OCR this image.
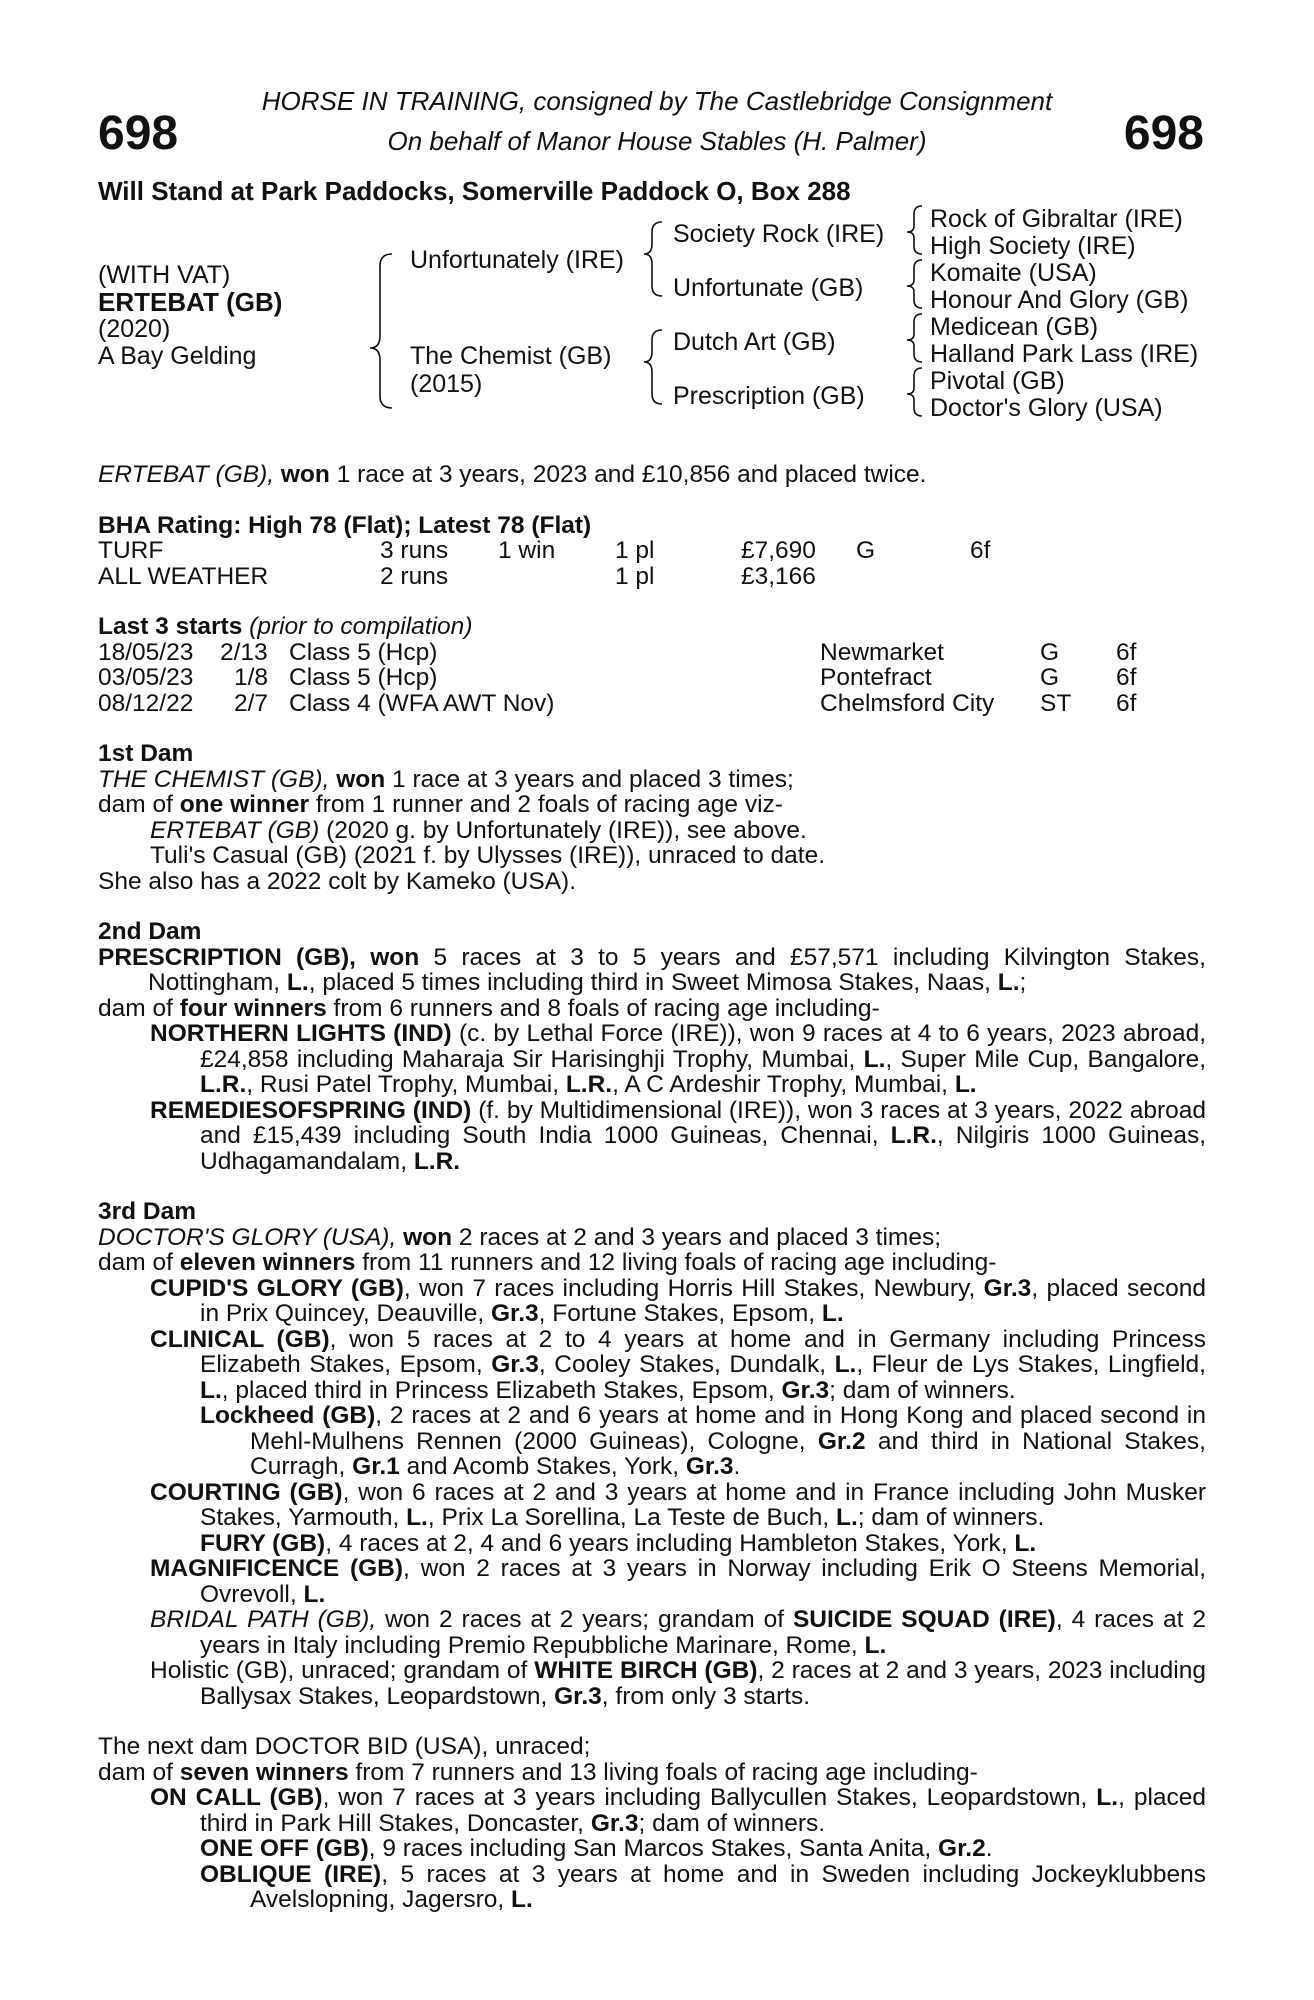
698	698
HORSE IN TRAINING, consigned by The Castlebridge Consignment
On behalf of Manor House Stables (H. Palmer)
Will Stand at Park Paddocks, Somerville Paddock O, Box 288
(WITH VAT)
ERTEBAT (GB)
(2020)
A Bay Gelding
Unfortunately (IRE)
The Chemist (GB)
(2015)
Society Rock (IRE)
Unfortunate (GB)
Dutch Art (GB)
Prescription (GB)
Rock of Gibraltar (IRE)
High Society (IRE)
Komaite (USA)
Honour And Glory (GB)
Medicean (GB)
Halland Park Lass (IRE)
Pivotal (GB)
Doctor's Glory (USA)

ERTEBAT (GB), won 1 race at 3 years, 2023 and £10,856 and placed twice.

BHA Rating: High 78 (Flat); Latest 78 (Flat)

TURF	3 runs 1 win 1 pl	£7,690 G	6f
ALL WEATHER	2 runs	1 pl	£3,166

Last 3 starts (prior to compilation)

18/05/23 2/13 Class 5 (Hcp)	Newmarket	G 6f
03/05/23 1/8 Class 5 (Hcp)	Pontefract	G 6f
08/12/22 2/7 Class 4 (WFA AWT Nov)	Chelmsford City ST 6f

1st Dam

THE CHEMIST (GB), won 1 race at 3 years and placed 3 times;

dam of one winner from 1 runner and 2 foals of racing age viz-

ERTEBAT (GB) (2020 g. by Unfortunately (IRE)), see above.

Tuli's Casual (GB) (2021 f. by Ulysses (IRE)), unraced to date.

She also has a 2022 colt by Kameko (USA).

2nd Dam

PRESCRIPTION (GB), won 5 races at 3 to 5 years and £57,571 including Kilvington Stakes, Nottingham, L., placed 5 times including third in Sweet Mimosa Stakes, Naas, L.;

dam of four winners from 6 runners and 8 foals of racing age including-

NORTHERN LIGHTS (IND) (c. by Lethal Force (IRE)), won 9 races at 4 to 6 years, 2023 abroad, £24,858 including Maharaja Sir Harisinghji Trophy, Mumbai, L., Super Mile Cup, Bangalore, L.R., Rusi Patel Trophy, Mumbai, L.R., A C Ardeshir Trophy, Mumbai, L.

REMEDIESOFSPRING (IND) (f. by Multidimensional (IRE)), won 3 races at 3 years, 2022 abroad and £15,439 including South India 1000 Guineas, Chennai, L.R., Nilgiris 1000 Guineas, Udhagamandalam, L.R.

3rd Dam

DOCTOR'S GLORY (USA), won 2 races at 2 and 3 years and placed 3 times;

dam of eleven winners from 11 runners and 12 living foals of racing age including-

CUPID'S GLORY (GB), won 7 races including Horris Hill Stakes, Newbury, Gr.3, placed second in Prix Quincey, Deauville, Gr.3, Fortune Stakes, Epsom, L.

CLINICAL (GB), won 5 races at 2 to 4 years at home and in Germany including Princess Elizabeth Stakes, Epsom, Gr.3, Cooley Stakes, Dundalk, L., Fleur de Lys Stakes, Lingfield, L., placed third in Princess Elizabeth Stakes, Epsom, Gr.3; dam of winners.

Lockheed (GB), 2 races at 2 and 6 years at home and in Hong Kong and placed second in Mehl-Mulhens Rennen (2000 Guineas), Cologne, Gr.2 and third in National Stakes, Curragh, Gr.1 and Acomb Stakes, York, Gr.3.

COURTING (GB), won 6 races at 2 and 3 years at home and in France including John Musker Stakes, Yarmouth, L., Prix La Sorellina, La Teste de Buch, L.; dam of winners.

FURY (GB), 4 races at 2, 4 and 6 years including Hambleton Stakes, York, L.

MAGNIFICENCE (GB), won 2 races at 3 years in Norway including Erik O Steens Memorial, Ovrevoll, L.

BRIDAL PATH (GB), won 2 races at 2 years; grandam of SUICIDE SQUAD (IRE), 4 races at 2 years in Italy including Premio Repubbliche Marinare, Rome, L.

Holistic (GB), unraced; grandam of WHITE BIRCH (GB), 2 races at 2 and 3 years, 2023 including Ballysax Stakes, Leopardstown, Gr.3, from only 3 starts.

The next dam DOCTOR BID (USA), unraced;

dam of seven winners from 7 runners and 13 living foals of racing age including-

ON CALL (GB), won 7 races at 3 years including Ballycullen Stakes, Leopardstown, L., placed third in Park Hill Stakes, Doncaster, Gr.3; dam of winners.

ONE OFF (GB), 9 races including San Marcos Stakes, Santa Anita, Gr.2.

OBLIQUE (IRE), 5 races at 3 years at home and in Sweden including Jockeyklubbens Avelslopning, Jagersro, L.
